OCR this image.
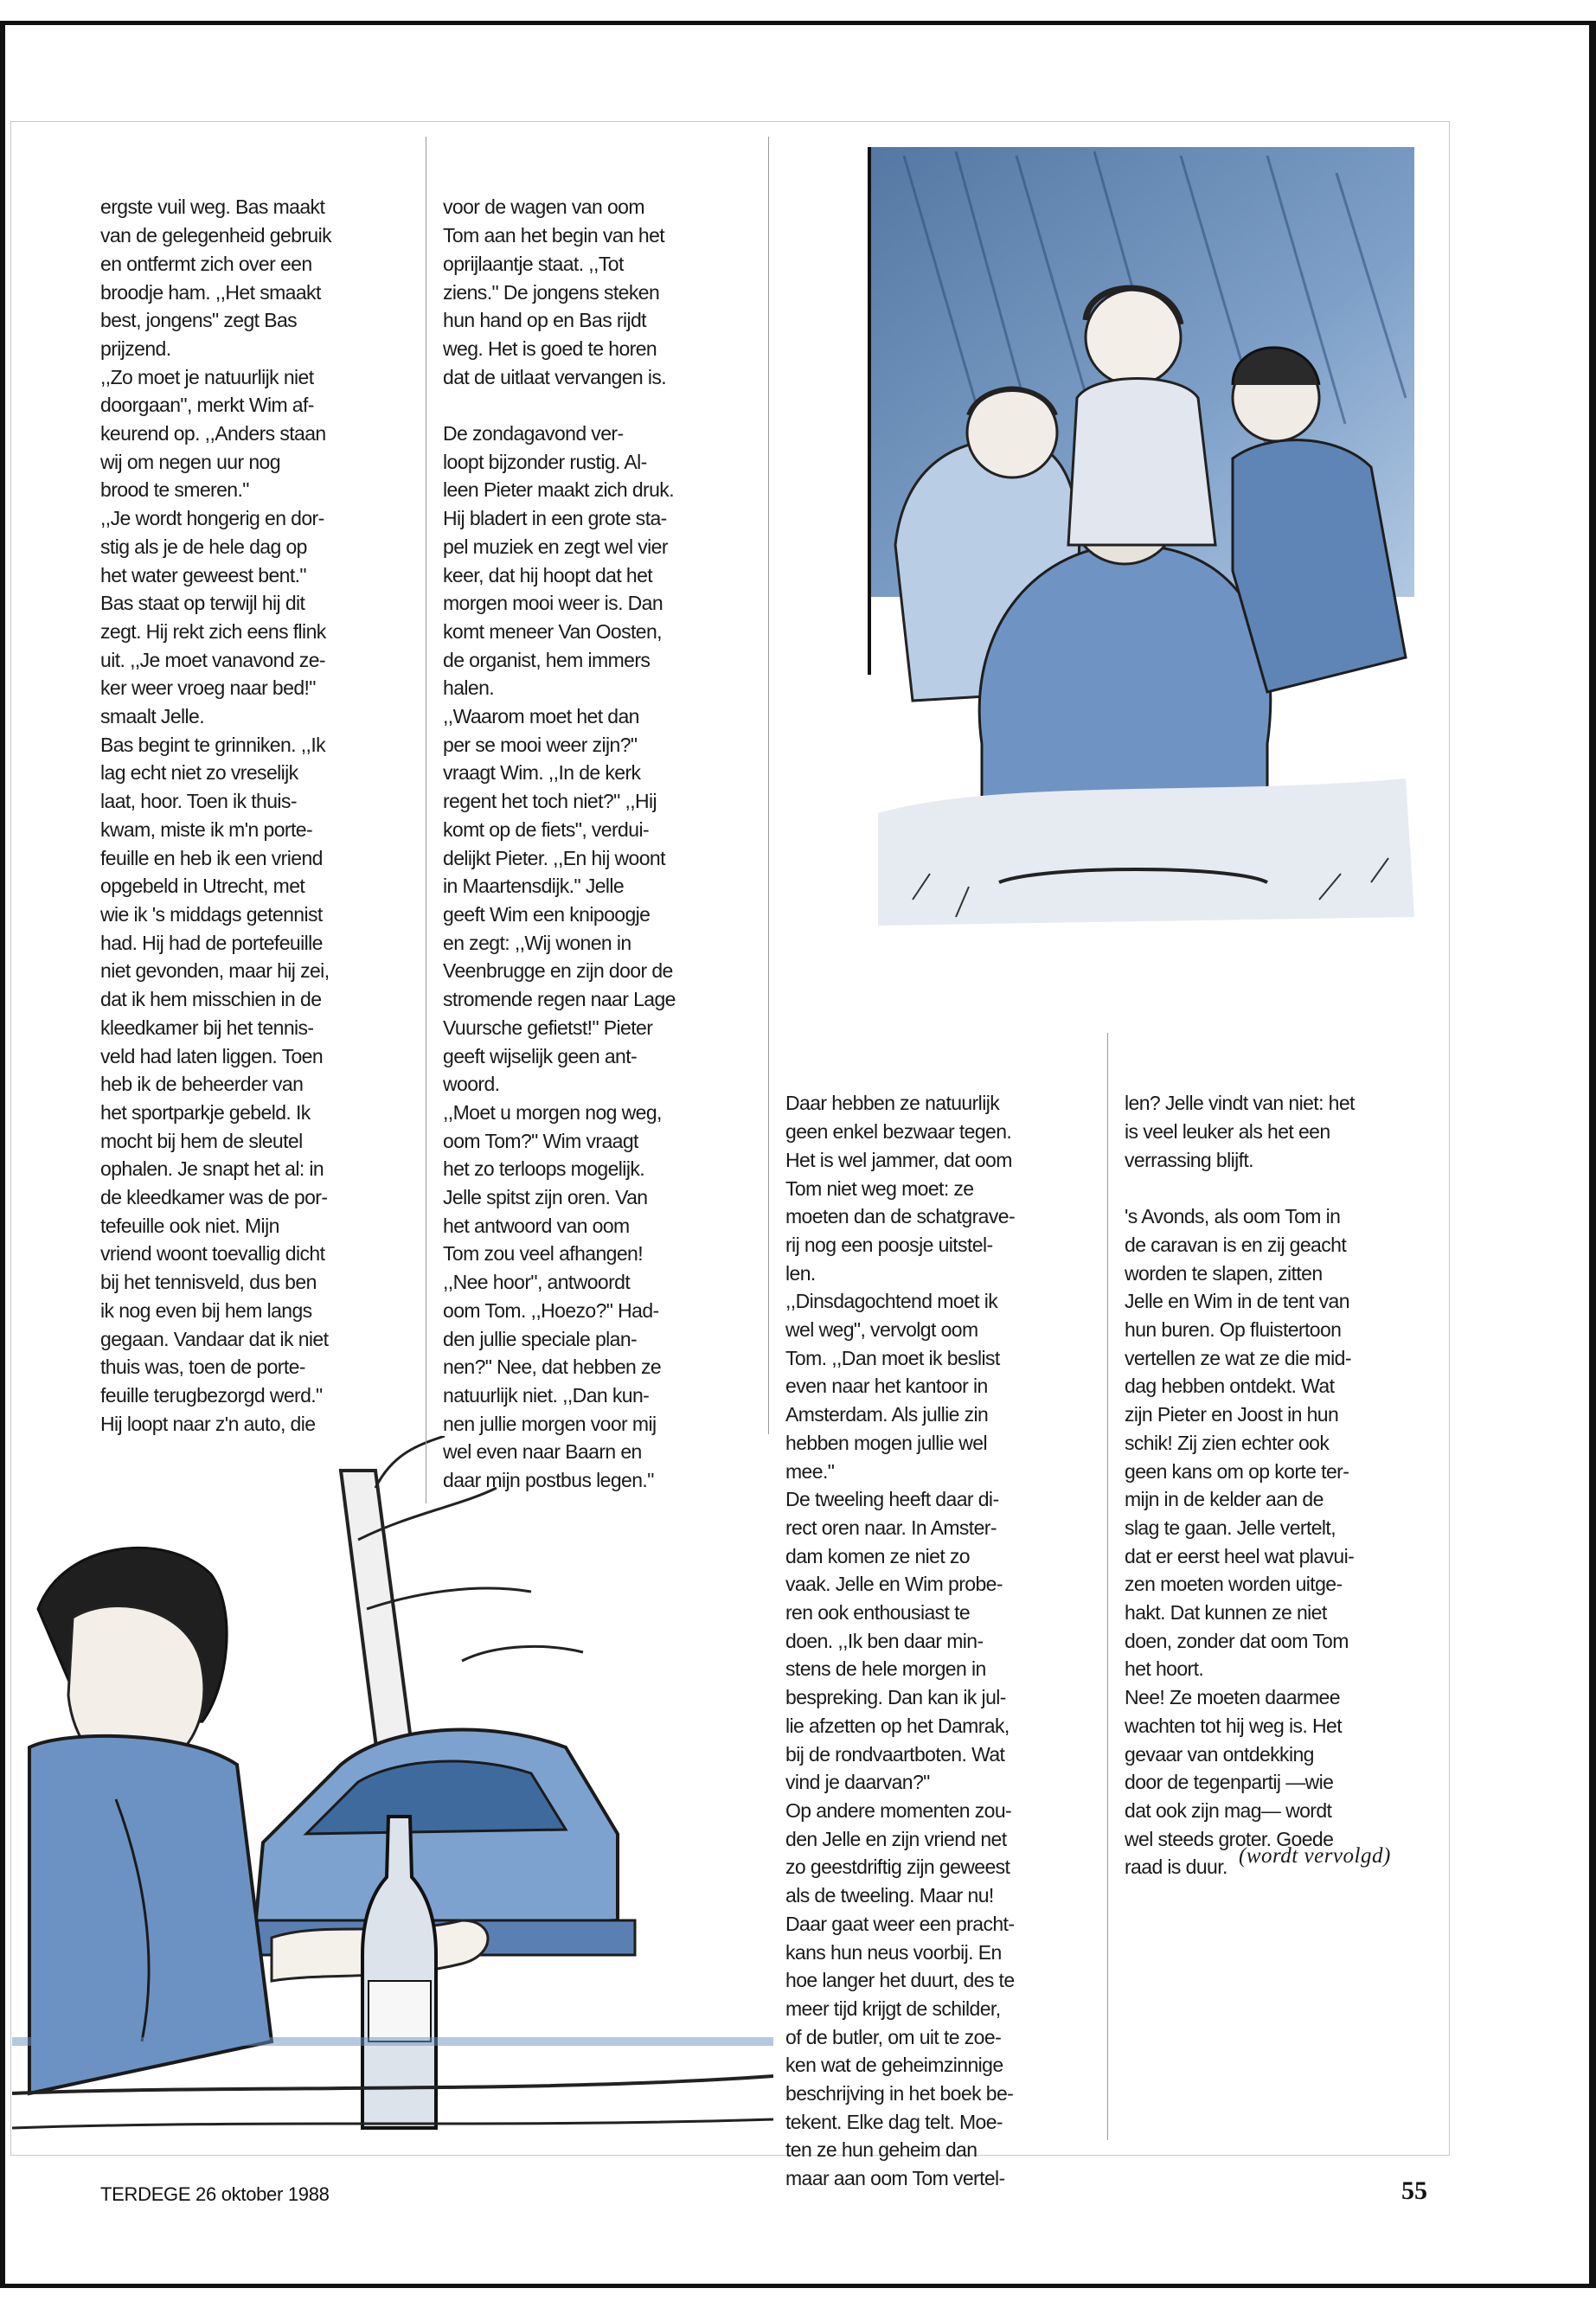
ergste vuil weg. Bas maakt
van de gelegenheid gebruik
en ontfermt zich over een
broodje ham. ,,Het smaakt
best, jongens" zegt Bas
prijzend.
,,Zo moet je natuurlijk niet
doorgaan", merkt Wim af-
keurend op. ,,Anders staan
wij om negen uur nog
brood te smeren."
,,Je wordt hongerig en dor-
stig als je de hele dag op
het water geweest bent."
Bas staat op terwijl hij dit
zegt. Hij rekt zich eens flink
uit. ,,Je moet vanavond ze-
ker weer vroeg naar bed!"
smaalt Jelle.
Bas begint te grinniken. ,,Ik
lag echt niet zo vreselijk
laat, hoor. Toen ik thuis-
kwam, miste ik m'n porte-
feuille en heb ik een vriend
opgebeld in Utrecht, met
wie ik 's middags getennist
had. Hij had de portefeuille
niet gevonden, maar hij zei,
dat ik hem misschien in de
kleedkamer bij het tennis-
veld had laten liggen. Toen
heb ik de beheerder van
het sportparkje gebeld. Ik
mocht bij hem de sleutel
ophalen. Je snapt het al: in
de kleedkamer was de por-
tefeuille ook niet. Mijn
vriend woont toevallig dicht
bij het tennisveld, dus ben
ik nog even bij hem langs
gegaan. Vandaar dat ik niet
thuis was, toen de porte-
feuille terugbezorgd werd."
Hij loopt naar z'n auto, die

voor de wagen van oom
Tom aan het begin van het
oprijlaantje staat. ,,Tot
ziens." De jongens steken
hun hand op en Bas rijdt
weg. Het is goed te horen
dat de uitlaat vervangen is.

De zondagavond ver-
loopt bijzonder rustig. Al-
leen Pieter maakt zich druk.
Hij bladert in een grote sta-
pel muziek en zegt wel vier
keer, dat hij hoopt dat het
morgen mooi weer is. Dan
komt meneer Van Oosten,
de organist, hem immers
halen.
,,Waarom moet het dan
per se mooi weer zijn?"
vraagt Wim. ,,In de kerk
regent het toch niet?" ,,Hij
komt op de fiets", verdui-
delijkt Pieter. ,,En hij woont
in Maartensdijk." Jelle
geeft Wim een knipoogje
en zegt: ,,Wij wonen in
Veenbrugge en zijn door de
stromende regen naar Lage
Vuursche gefietst!" Pieter
geeft wijselijk geen ant-
woord.
,,Moet u morgen nog weg,
oom Tom?" Wim vraagt
het zo terloops mogelijk.
Jelle spitst zijn oren. Van
het antwoord van oom
Tom zou veel afhangen!
,,Nee hoor", antwoordt
oom Tom. ,,Hoezo?" Had-
den jullie speciale plan-
nen?" Nee, dat hebben ze
natuurlijk niet. ,,Dan kun-
nen jullie morgen voor mij
wel even naar Baarn en
daar mijn postbus legen."

Daar hebben ze natuurlijk
geen enkel bezwaar tegen.
Het is wel jammer, dat oom
Tom niet weg moet: ze
moeten dan de schatgrave-
rij nog een poosje uitstel-
len.
,,Dinsdagochtend moet ik
wel weg", vervolgt oom
Tom. ,,Dan moet ik beslist
even naar het kantoor in
Amsterdam. Als jullie zin
hebben mogen jullie wel
mee."
De tweeling heeft daar di-
rect oren naar. In Amster-
dam komen ze niet zo
vaak. Jelle en Wim probe-
ren ook enthousiast te
doen. ,,Ik ben daar min-
stens de hele morgen in
bespreking. Dan kan ik jul-
lie afzetten op het Damrak,
bij de rondvaartboten. Wat
vind je daarvan?"
Op andere momenten zou-
den Jelle en zijn vriend net
zo geestdriftig zijn geweest
als de tweeling. Maar nu!
Daar gaat weer een pracht-
kans hun neus voorbij. En
hoe langer het duurt, des te
meer tijd krijgt de schilder,
of de butler, om uit te zoe-
ken wat de geheimzinnige
beschrijving in het boek be-
tekent. Elke dag telt. Moe-
ten ze hun geheim dan
maar aan oom Tom vertel-

len? Jelle vindt van niet: het
is veel leuker als het een
verrassing blijft.

's Avonds, als oom Tom in
de caravan is en zij geacht
worden te slapen, zitten
Jelle en Wim in de tent van
hun buren. Op fluistertoon
vertellen ze wat ze die mid-
dag hebben ontdekt. Wat
zijn Pieter en Joost in hun
schik! Zij zien echter ook
geen kans om op korte ter-
mijn in de kelder aan de
slag te gaan. Jelle vertelt,
dat er eerst heel wat plavui-
zen moeten worden uitge-
hakt. Dat kunnen ze niet
doen, zonder dat oom Tom
het hoort.
Nee! Ze moeten daarmee
wachten tot hij weg is. Het
gevaar van ontdekking
door de tegenpartij —wie
dat ook zijn mag— wordt
wel steeds groter. Goede
raad is duur.

(wordt vervolgd)
TERDEGE 26 oktober 1988	55
